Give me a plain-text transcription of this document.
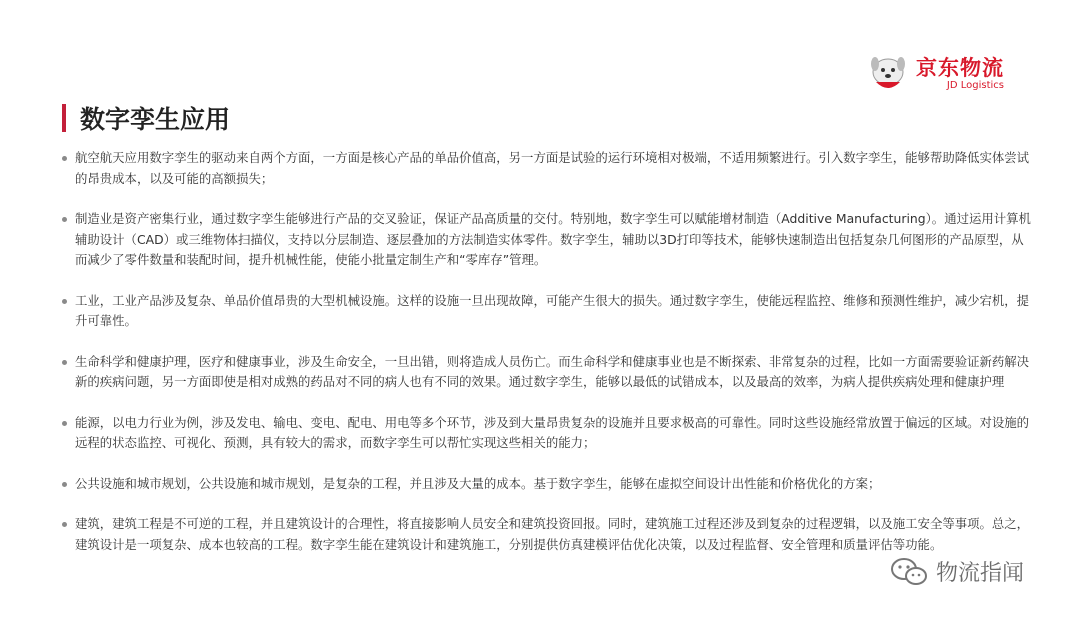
京东物流
JD Logistics
数字孪生应用
航空航天应用数字孪生的驱动来自两个方面，一方面是核心产品的单品价值高，另一方面是试验的运行环境相对极端，不适用频繁进行。引入数字孪生，能够帮助降低实体尝试的昂贵成本，以及可能的高额损失；
制造业是资产密集行业，通过数字孪生能够进行产品的交叉验证，保证产品高质量的交付。特别地，数字孪生可以赋能增材制造（Additive Manufacturing）。通过运用计算机辅助设计（CAD）或三维物体扫描仪，支持以分层制造、逐层叠加的方法制造实体零件。数字孪生，辅助以3D打印等技术，能够快速制造出包括复杂几何图形的产品原型，从而减少了零件数量和装配时间，提升机械性能，使能小批量定制生产和“零库存”管理。
工业，工业产品涉及复杂、单品价值昂贵的大型机械设施。这样的设施一旦出现故障，可能产生很大的损失。通过数字孪生，使能远程监控、维修和预测性维护，减少宕机，提升可靠性。
生命科学和健康护理，医疗和健康事业，涉及生命安全，一旦出错，则将造成人员伤亡。而生命科学和健康事业也是不断探索、非常复杂的过程，比如一方面需要验证新药解决新的疾病问题，另一方面即使是相对成熟的药品对不同的病人也有不同的效果。通过数字孪生，能够以最低的试错成本，以及最高的效率，为病人提供疾病处理和健康护理
能源，以电力行业为例，涉及发电、输电、变电、配电、用电等多个环节，涉及到大量昂贵复杂的设施并且要求极高的可靠性。同时这些设施经常放置于偏远的区域。对设施的远程的状态监控、可视化、预测，具有较大的需求，而数字孪生可以帮忙实现这些相关的能力；
公共设施和城市规划，公共设施和城市规划，是复杂的工程，并且涉及大量的成本。基于数字孪生，能够在虚拟空间设计出性能和价格优化的方案；
建筑，建筑工程是不可逆的工程，并且建筑设计的合理性，将直接影响人员安全和建筑投资回报。同时，建筑施工过程还涉及到复杂的过程逻辑，以及施工安全等事项。总之，建筑设计是一项复杂、成本也较高的工程。数字孪生能在建筑设计和建筑施工，分别提供仿真建模评估优化决策，以及过程监督、安全管理和质量评估等功能。
物流指闻
